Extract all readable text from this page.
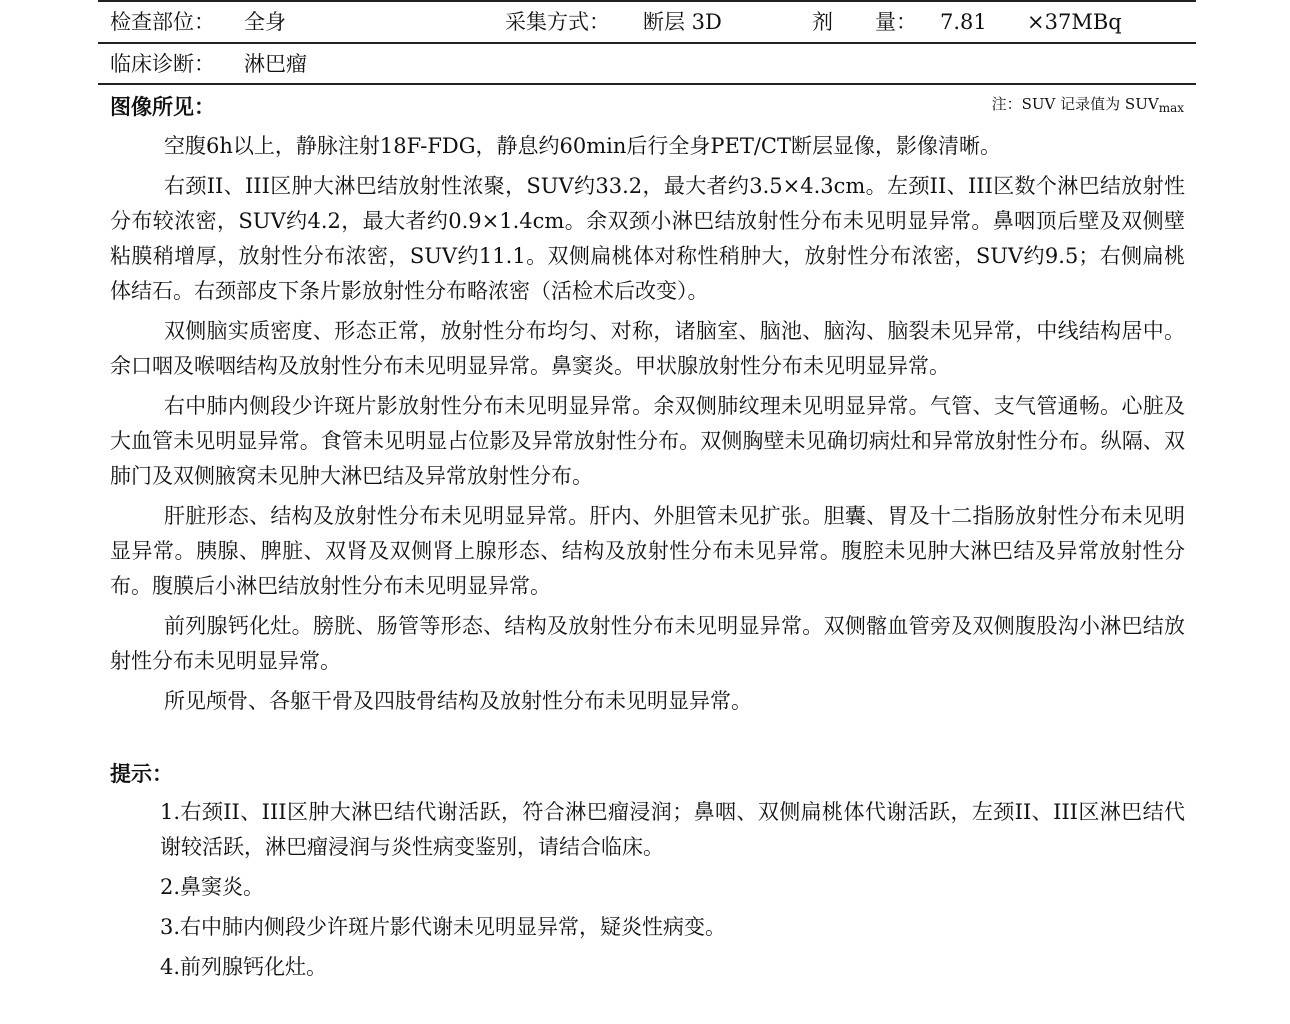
检查部位： 全身	采集方式： 断层 3D	剂　　量： 7.81 ×37MBq
临床诊断： 淋巴瘤
图像所见：	注：SUV 记录值为 $SUV_{max}$

空腹6h以上，静脉注射18F-FDG，静息约60min后行全身PET/CT断层显像，影像清晰。

右颈II、III区肿大淋巴结放射性浓聚，SUV约33.2，最大者约3.5×4.3cm。左颈II、III区数个淋巴结放射性分布较浓密，SUV约4.2，最大者约0.9×1.4cm。余双颈小淋巴结放射性分布未见明显异常。鼻咽顶后壁及双侧壁粘膜稍增厚，放射性分布浓密，SUV约11.1。双侧扁桃体对称性稍肿大，放射性分布浓密，SUV约9.5；右侧扁桃体结石。右颈部皮下条片影放射性分布略浓密（活检术后改变）。

双侧脑实质密度、形态正常，放射性分布均匀、对称，诸脑室、脑池、脑沟、脑裂未见异常，中线结构居中。余口咽及喉咽结构及放射性分布未见明显异常。鼻窦炎。甲状腺放射性分布未见明显异常。

右中肺内侧段少许斑片影放射性分布未见明显异常。余双侧肺纹理未见明显异常。气管、支气管通畅。心脏及大血管未见明显异常。食管未见明显占位影及异常放射性分布。双侧胸壁未见确切病灶和异常放射性分布。纵隔、双肺门及双侧腋窝未见肿大淋巴结及异常放射性分布。

肝脏形态、结构及放射性分布未见明显异常。肝内、外胆管未见扩张。胆囊、胃及十二指肠放射性分布未见明显异常。胰腺、脾脏、双肾及双侧肾上腺形态、结构及放射性分布未见异常。腹腔未见肿大淋巴结及异常放射性分布。腹膜后小淋巴结放射性分布未见明显异常。

前列腺钙化灶。膀胱、肠管等形态、结构及放射性分布未见明显异常。双侧髂血管旁及双侧腹股沟小淋巴结放射性分布未见明显异常。

所见颅骨、各躯干骨及四肢骨结构及放射性分布未见明显异常。

提示：

1.右颈II、III区肿大淋巴结代谢活跃，符合淋巴瘤浸润；鼻咽、双侧扁桃体代谢活跃，左颈II、III区淋巴结代谢较活跃，淋巴瘤浸润与炎性病变鉴别，请结合临床。

2.鼻窦炎。

3.右中肺内侧段少许斑片影代谢未见明显异常，疑炎性病变。

4.前列腺钙化灶。
